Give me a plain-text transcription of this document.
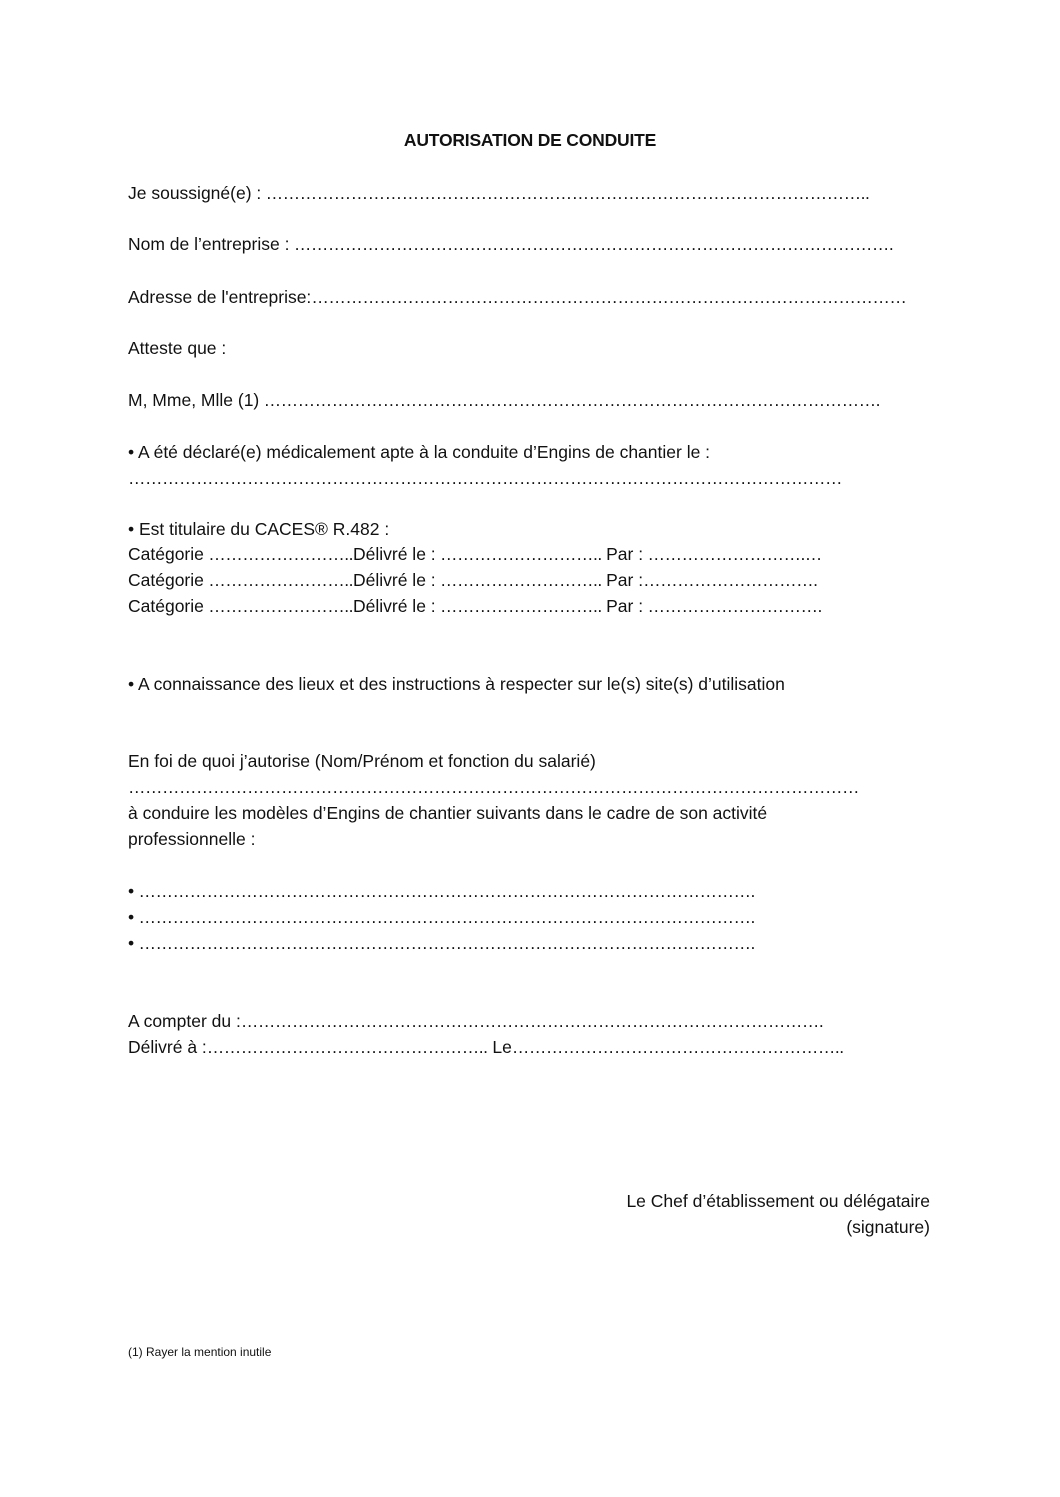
AUTORISATION DE CONDUITE
Je soussigné(e) : ……………………………………………………………………………………………..
Nom de l’entreprise : …………………………………………………………………………………………….
Adresse de l'entreprise:……………………………………………………………………………………………
Atteste que :
M, Mme, Mlle (1) ……………………………………………………………………………………………….
• A été déclaré(e) médicalement apte à la conduite d’Engins de chantier le :
………………………………………………………………………………………………………………
• Est titulaire du CACES® R.482 :
Catégorie ……………………..Délivré le : ……………………….. Par : ……………………….…
Catégorie ……………………..Délivré le : ……………………….. Par :………………………….
Catégorie ……………………..Délivré le : ……………………….. Par : ………………………….
• A connaissance des lieux et des instructions à respecter sur le(s) site(s) d’utilisation
En foi de quoi j’autorise (Nom/Prénom et fonction du salarié)
…………………………………………………………………………………………………………………
à conduire les modèles d’Engins de chantier suivants dans le cadre de son activité
professionnelle :
• ……………………………………………………………………………………………….
• ……………………………………………………………………………………………….
• ……………………………………………………………………………………………….
A compter du :………………………………………………………………………………………….
Délivré à :………………………………………….. Le…………………………………………………..
Le Chef d’établissement ou délégataire
(signature)
(1) Rayer la mention inutile
